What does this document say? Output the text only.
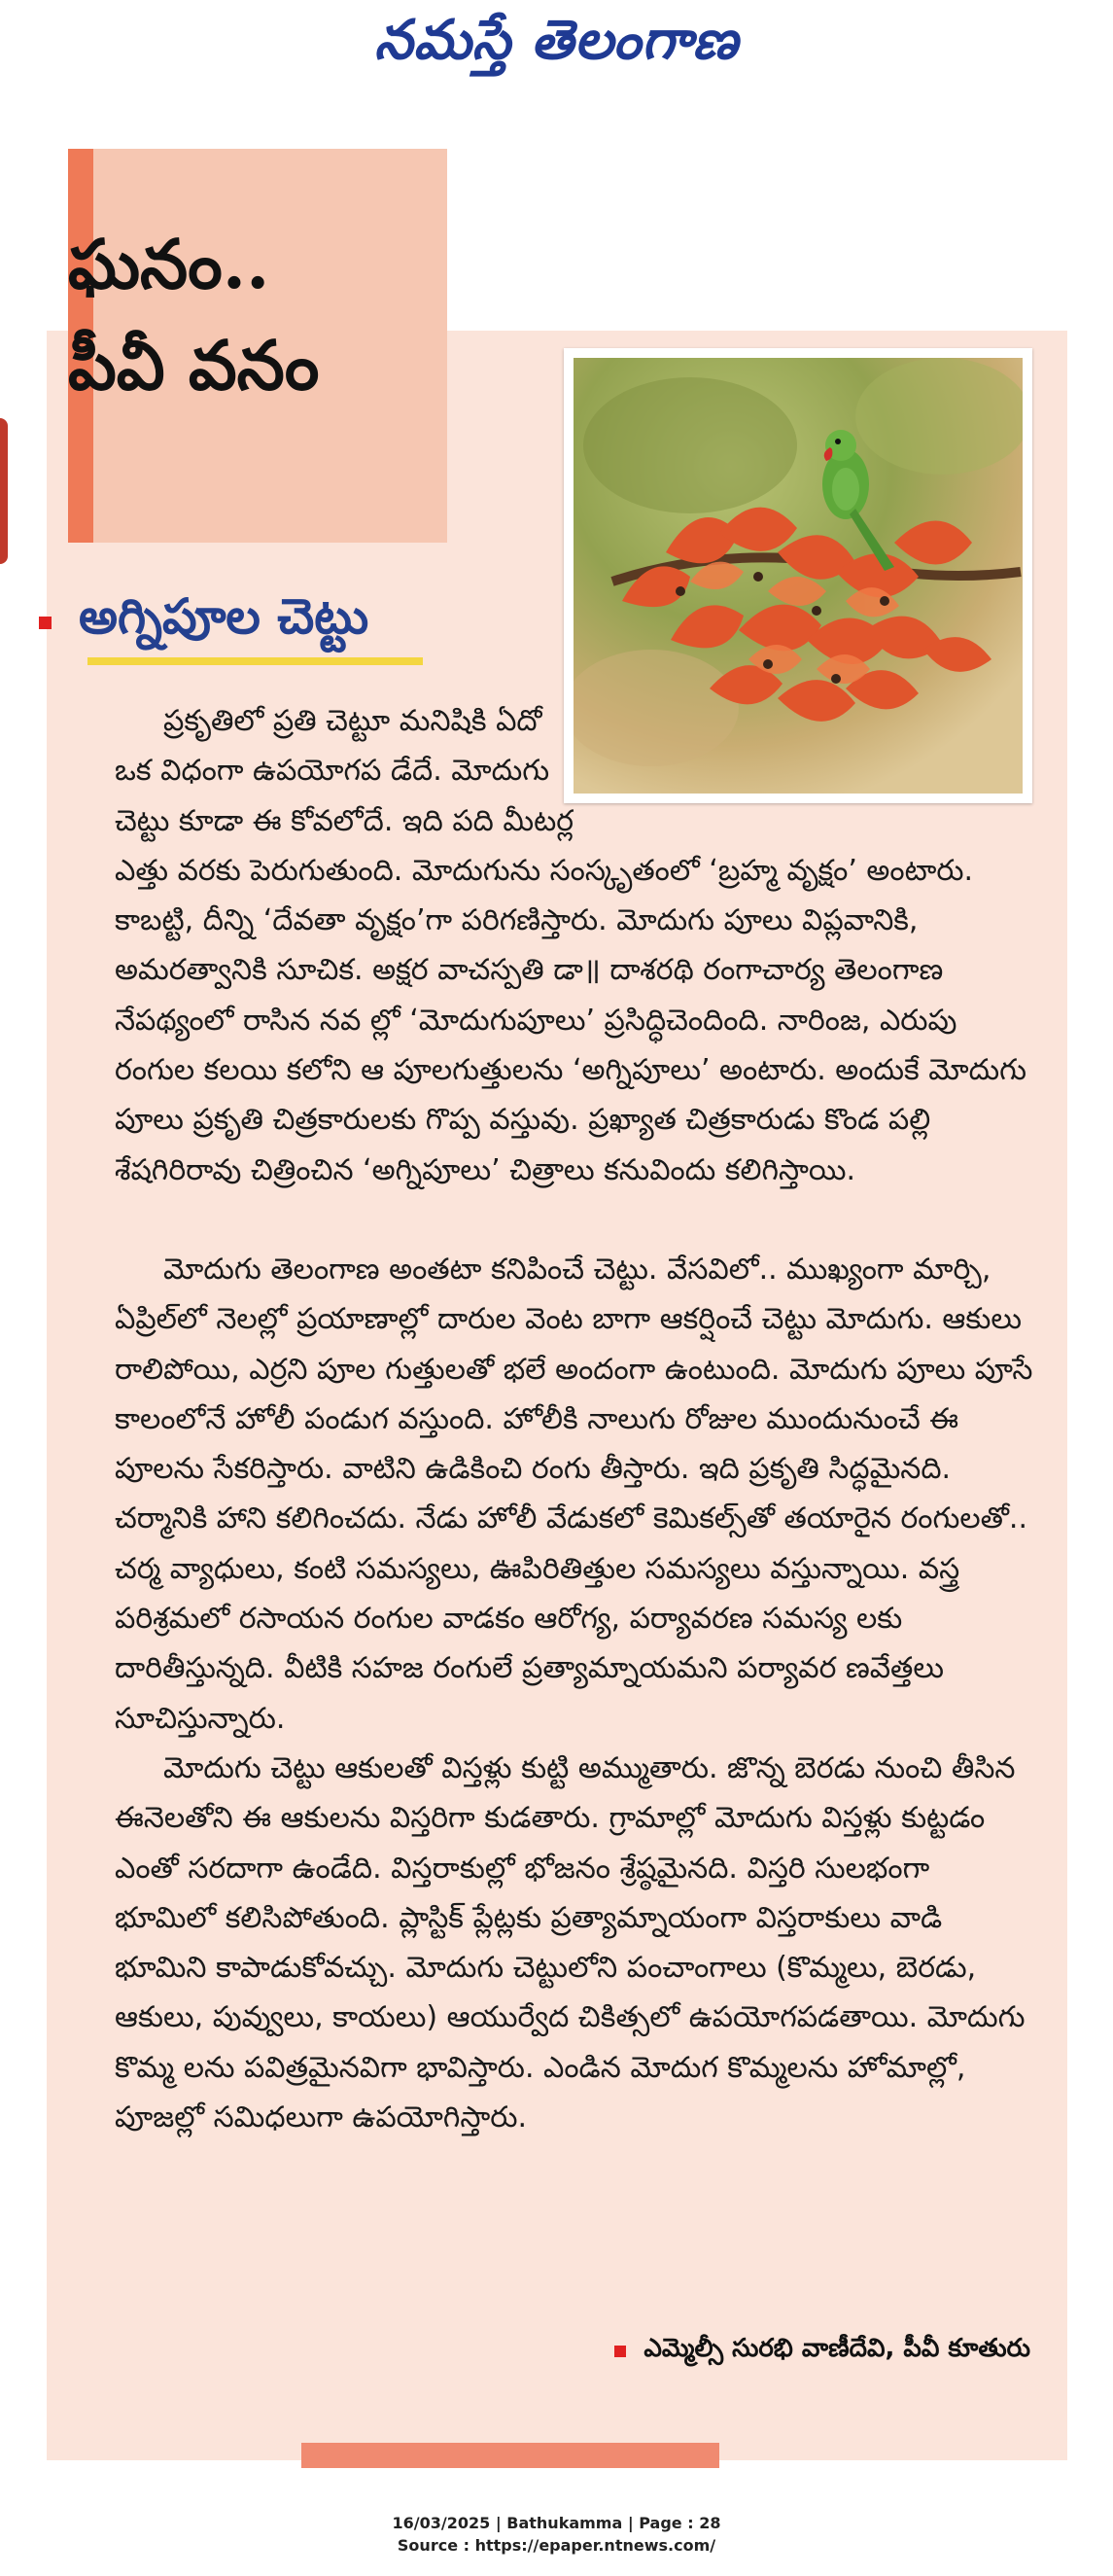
నమస్తే తెలంగాణ
ఘనం..
పీవీ వనం
అగ్నిపూల చెట్టు

ప్రకృతిలో ప్రతి చెట్టూ మనిషికి ఏదో ఒక విధంగా ఉపయోగప డేదే. మోదుగు చెట్టు కూడా ఈ కోవలోదే. ఇది పది మీటర్ల ఎత్తు వరకు పెరుగుతుంది. మోదుగును సంస్కృతంలో ‘బ్రహ్మ వృక్షం’ అంటారు. కాబట్టి, దీన్ని ‘దేవతా వృక్షం’గా పరిగణిస్తారు. మోదుగు పూలు విప్లవానికి, అమరత్వానికి సూచిక. అక్షర వాచస్పతి డా॥ దాశరథి రంగాచార్య తెలంగాణ నేపథ్యంలో రాసిన నవ ల్లో ‘మోదుగుపూలు’ ప్రసిద్ధిచెందింది. నారింజ, ఎరుపు రంగుల కలయి కలోని ఆ పూలగుత్తులను ‘అగ్నిపూలు’ అంటారు. అందుకే మోదుగు పూలు ప్రకృతి చిత్రకారులకు గొప్ప వస్తువు. ప్రఖ్యాత చిత్రకారుడు కొండ పల్లి శేషగిరిరావు చిత్రించిన ‘అగ్నిపూలు’ చిత్రాలు కనువిందు కలిగిస్తాయి.

మోదుగు తెలంగాణ అంతటా కనిపించే చెట్టు. వేసవిలో.. ముఖ్యంగా మార్చి, ఏప్రిల్‌లో నెలల్లో ప్రయాణాల్లో దారుల వెంట బాగా ఆకర్షించే చెట్టు మోదుగు. ఆకులు రాలిపోయి, ఎర్రని పూల గుత్తులతో భలే అందంగా ఉంటుంది. మోదుగు పూలు పూసే కాలంలోనే హోలీ పండుగ వస్తుంది. హోలీకి నాలుగు రోజుల ముందునుంచే ఈ పూలను సేకరిస్తారు. వాటిని ఉడికించి రంగు తీస్తారు. ఇది ప్రకృతి సిద్ధమైనది. చర్మానికి హాని కలిగించదు. నేడు హోలీ వేడుకలో కెమికల్స్‌తో తయారైన రంగులతో.. చర్మ వ్యాధులు, కంటి సమస్యలు, ఊపిరితిత్తుల సమస్యలు వస్తున్నాయి. వస్త్ర పరిశ్రమలో రసాయన రంగుల వాడకం ఆరోగ్య, పర్యావరణ సమస్య లకు దారితీస్తున్నది. వీటికి సహజ రంగులే ప్రత్యామ్నాయమని పర్యావర ణవేత్తలు సూచిస్తున్నారు.

మోదుగు చెట్టు ఆకులతో విస్తళ్లు కుట్టి అమ్ముతారు. జొన్న బెరడు నుంచి తీసిన ఈనెలతోని ఈ ఆకులను విస్తరిగా కుడతారు. గ్రామాల్లో మోదుగు విస్తళ్లు కుట్టడం ఎంతో సరదాగా ఉండేది. విస్తరాకుల్లో భోజనం శ్రేష్ఠమైనది. విస్తరి సులభంగా భూమిలో కలిసిపోతుంది. ప్లాస్టిక్ ప్లేట్లకు ప్రత్యామ్నాయంగా విస్తరాకులు వాడి భూమిని కాపాడుకోవచ్చు. మోదుగు చెట్టులోని పంచాంగాలు (కొమ్మలు, బెరడు, ఆకులు, పువ్వులు, కాయలు) ఆయుర్వేద చికిత్సలో ఉపయోగపడతాయి. మోదుగు కొమ్మ లను పవిత్రమైనవిగా భావిస్తారు. ఎండిన మోదుగ కొమ్మలను హోమాల్లో, పూజల్లో సమిధలుగా ఉపయోగిస్తారు.

ఎమ్మెల్సీ సురభి వాణీదేవి, పీవీ కూతురు
16/03/2025 | Bathukamma | Page : 28
Source : https://epaper.ntnews.com/
